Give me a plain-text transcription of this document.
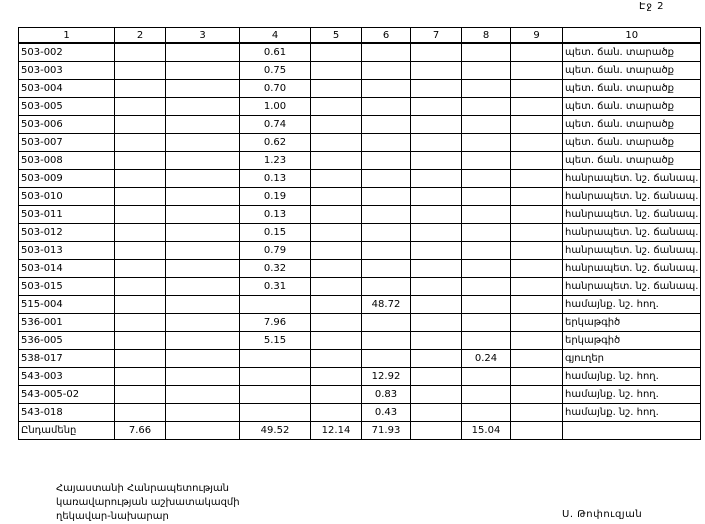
Էջ 2
1	2	3	4	5	6	7	8	9	10
503-002			0.61						պետ. ճան. տարածք
503-003			0.75						պետ. ճան. տարածք
503-004			0.70						պետ. ճան. տարածք
503-005			1.00						պետ. ճան. տարածք
503-006			0.74						պետ. ճան. տարածք
503-007			0.62						պետ. ճան. տարածք
503-008			1.23						պետ. ճան. տարածք
503-009			0.13						հանրապետ. նշ. ճանապ.
503-010			0.19						հանրապետ. նշ. ճանապ.
503-011			0.13						հանրապետ. նշ. ճանապ.
503-012			0.15						հանրապետ. նշ. ճանապ.
503-013			0.79						հանրապետ. նշ. ճանապ.
503-014			0.32						հանրապետ. նշ. ճանապ.
503-015			0.31						հանրապետ. նշ. ճանապ.
515-004					48.72				համայնք. նշ. հող.
536-001			7.96						երկաթգիծ
536-005			5.15						երկաթգիծ
538-017							0.24		գյուղեր
543-003					12.92				համայնք. նշ. հող.
543-005-02					0.83				համայնք. նշ. հող.
543-018					0.43				համայնք. նշ. հող.
Ընդամենը	7.66		49.52	12.14	71.93		15.04		
Հայաստանի Հանրապետության
կառավարության աշխատակազմի
ղեկավար-նախարար	Ս. Թոփուզյան
